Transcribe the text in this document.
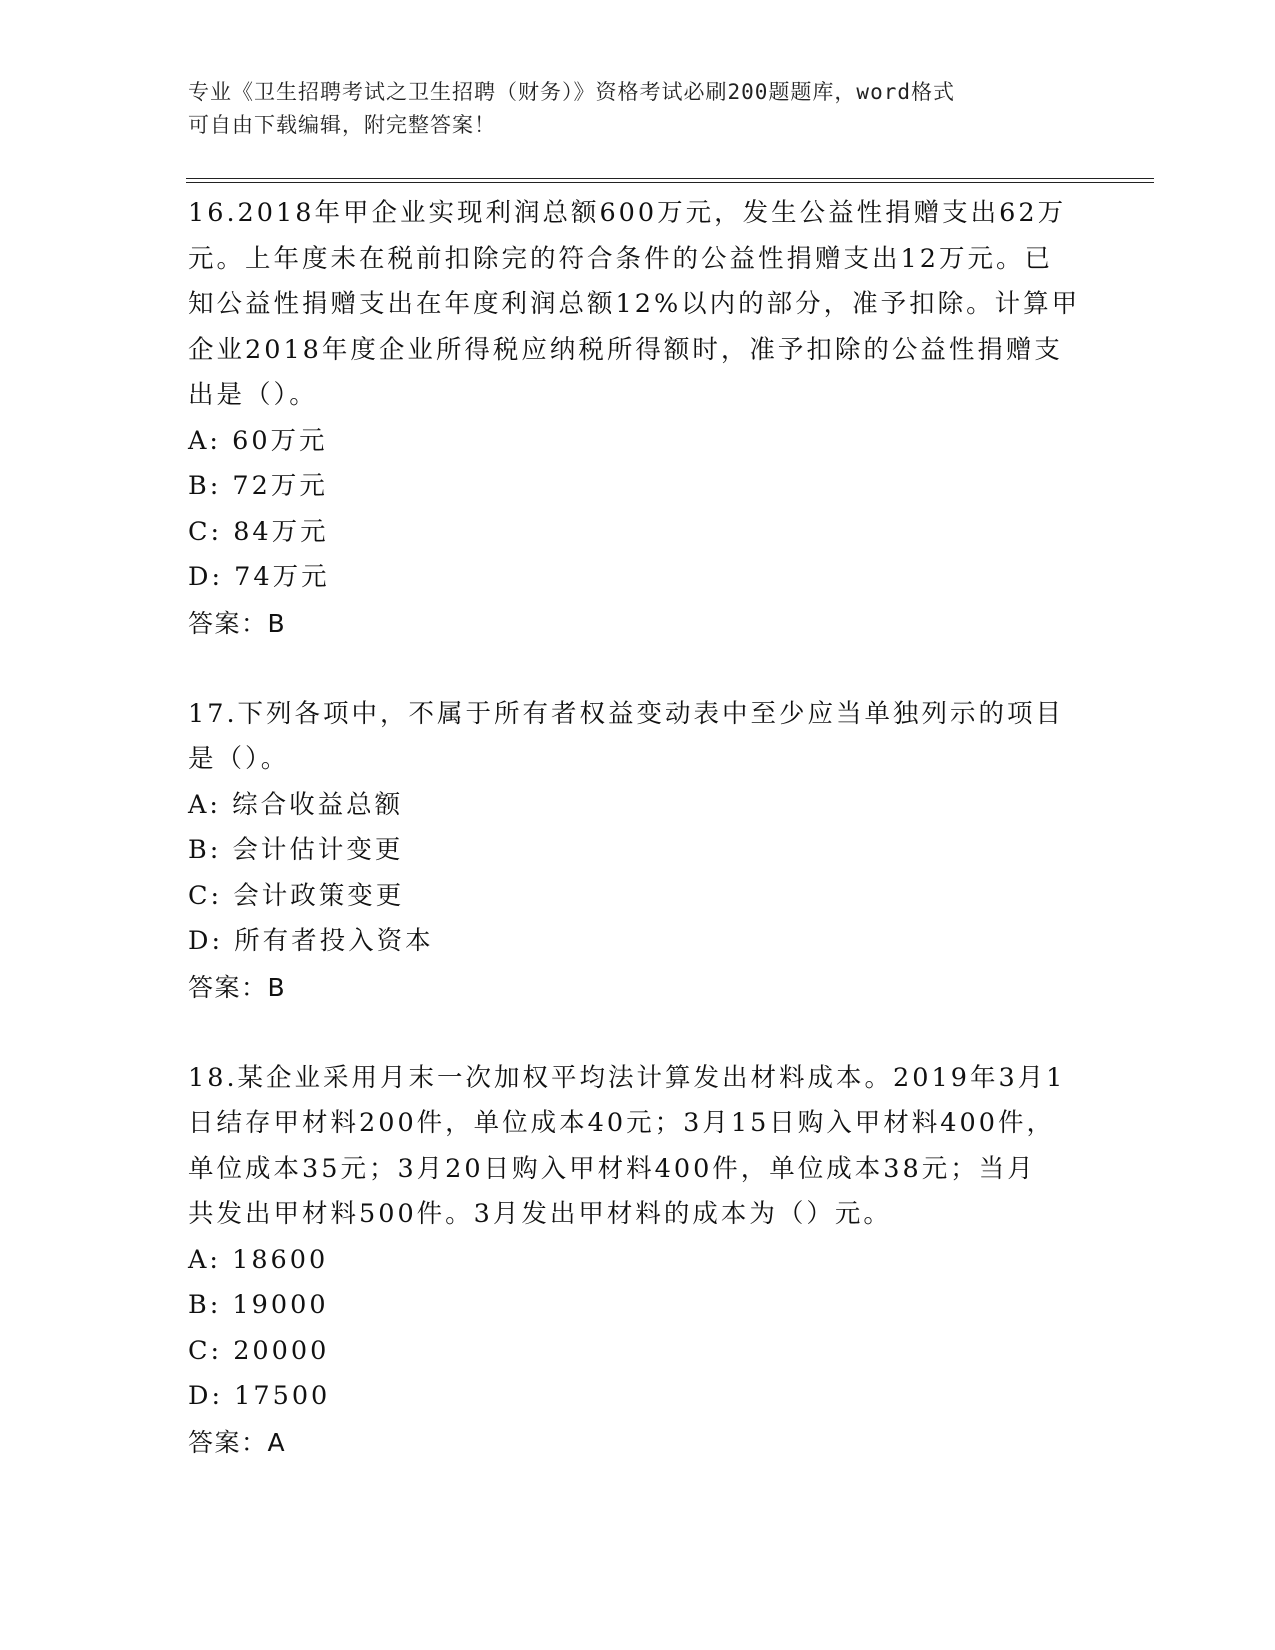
专业《卫生招聘考试之卫生招聘（财务）》资格考试必刷200题题库，word格式
可自由下载编辑，附完整答案！
16.2018年甲企业实现利润总额600万元，发生公益性捐赠支出62万
元。上年度未在税前扣除完的符合条件的公益性捐赠支出12万元。已
知公益性捐赠支出在年度利润总额12%以内的部分，准予扣除。计算甲
企业2018年度企业所得税应纳税所得额时，准予扣除的公益性捐赠支
出是（）。
A: 60万元
B: 72万元
C: 84万元
D: 74万元
答案：B
17.下列各项中，不属于所有者权益变动表中至少应当单独列示的项目
是（）。
A: 综合收益总额
B: 会计估计变更
C: 会计政策变更
D: 所有者投入资本
答案：B
18.某企业采用月末一次加权平均法计算发出材料成本。2019年3月1
日结存甲材料200件，单位成本40元；3月15日购入甲材料400件，
单位成本35元；3月20日购入甲材料400件，单位成本38元；当月
共发出甲材料500件。3月发出甲材料的成本为（）元。
A: 18600
B: 19000
C: 20000
D: 17500
答案：A
